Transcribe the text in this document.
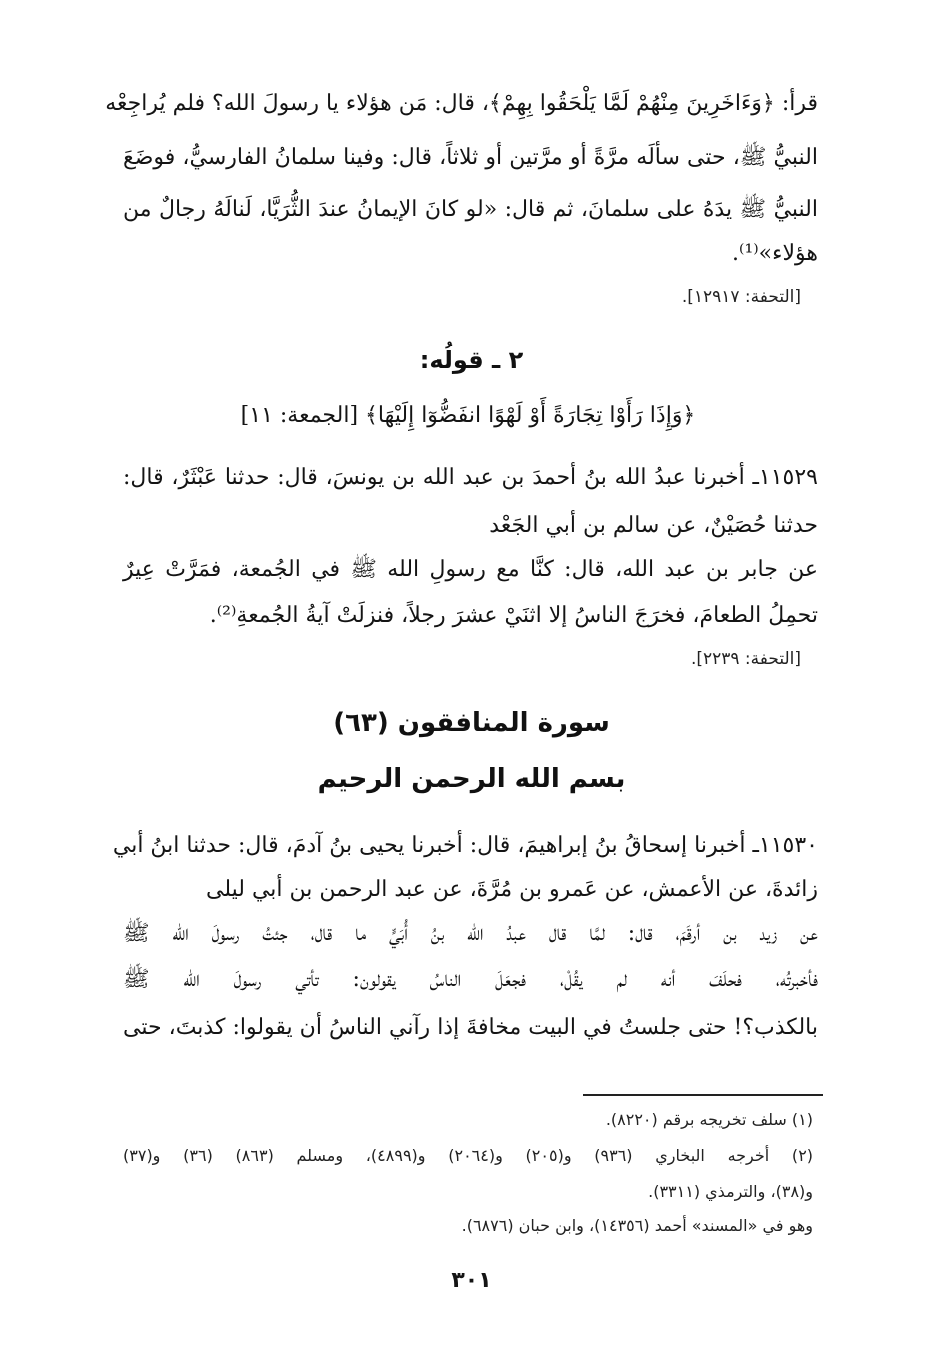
قرأ: ﴿وَءَاخَرِينَ مِنْهُمْ لَمَّا يَلْحَقُوا بِهِمْ﴾، قال: مَن هؤلاء يا رسولَ الله؟ فلم يُراجِعْه
النبيُّ ﷺ، حتى سألَه مرَّةً أو مرَّتين أو ثلاثاً، قال: وفينا سلمانُ الفارسيُّ، فوضَعَ
النبيُّ ﷺ يدَهُ على سلمانَ، ثم قال: «لو كانَ الإيمانُ عندَ الثُّرَيَّا، لَنالَهُ رجالٌ من
هؤلاء»⁽¹⁾.
[التحفة: ١٢٩١٧].
٢ ـ قولُه:
﴿وَإِذَا رَأَوْا تِجَارَةً أَوْ لَهْوًا انفَضُّوٓا إِلَيْهَا﴾ [الجمعة: ١١]
١١٥٢٩ـ أخبرنا عبدُ الله بنُ أحمدَ بن عبد الله بن يونسَ، قال: حدثنا عَبْثَرٌ، قال:
حدثنا حُصَيْنٌ، عن سالم بن أبي الجَعْد
عن جابر بن عبد الله، قال: كنَّا مع رسولِ الله ﷺ في الجُمعة، فمَرَّتْ عِيرٌ
تحمِلُ الطعامَ، فخرَجَ الناسُ إلا اثنَيْ عشرَ رجلاً، فنزلَتْ آيةُ الجُمعةِ⁽²⁾.
[التحفة: ٢٢٣٩].
سورة المنافقون (٦٣)
بسم الله الرحمن الرحيم
١١٥٣٠ـ أخبرنا إسحاقُ بنُ إبراهيمَ، قال: أخبرنا يحيى بنُ آدمَ، قال: حدثنا ابنُ أبي
زائدةَ، عن الأعمش، عن عَمرو بن مُرَّةَ، عن عبد الرحمن بن أبي ليلى
عن زيد بن أرقَمَ، قال: لمَّا قال عبدُ الله بنُ أُبَيٍّ ما قال، جئتُ رسولَ الله ﷺ
فأخبرتُه، فحلَفَ أنه لم يقُلْ، فجعَلَ الناسُ يقولون: تأتي رسولَ الله ﷺ
بالكذب؟! حتى جلستُ في البيت مخافةَ إذا رآني الناسُ أن يقولوا: كذبتَ، حتى
(١) سلف تخريجه برقم (٨٢٢٠).
(٢) أخرجه البخاري (٩٣٦) و(٢٠٥) و(٢٠٦٤) و(٤٨٩٩)، ومسلم (٨٦٣) (٣٦) و(٣٧)
و(٣٨)، والترمذي (٣٣١١).
وهو في «المسند» أحمد (١٤٣٥٦)، وابن حبان (٦٨٧٦).
٣٠١
